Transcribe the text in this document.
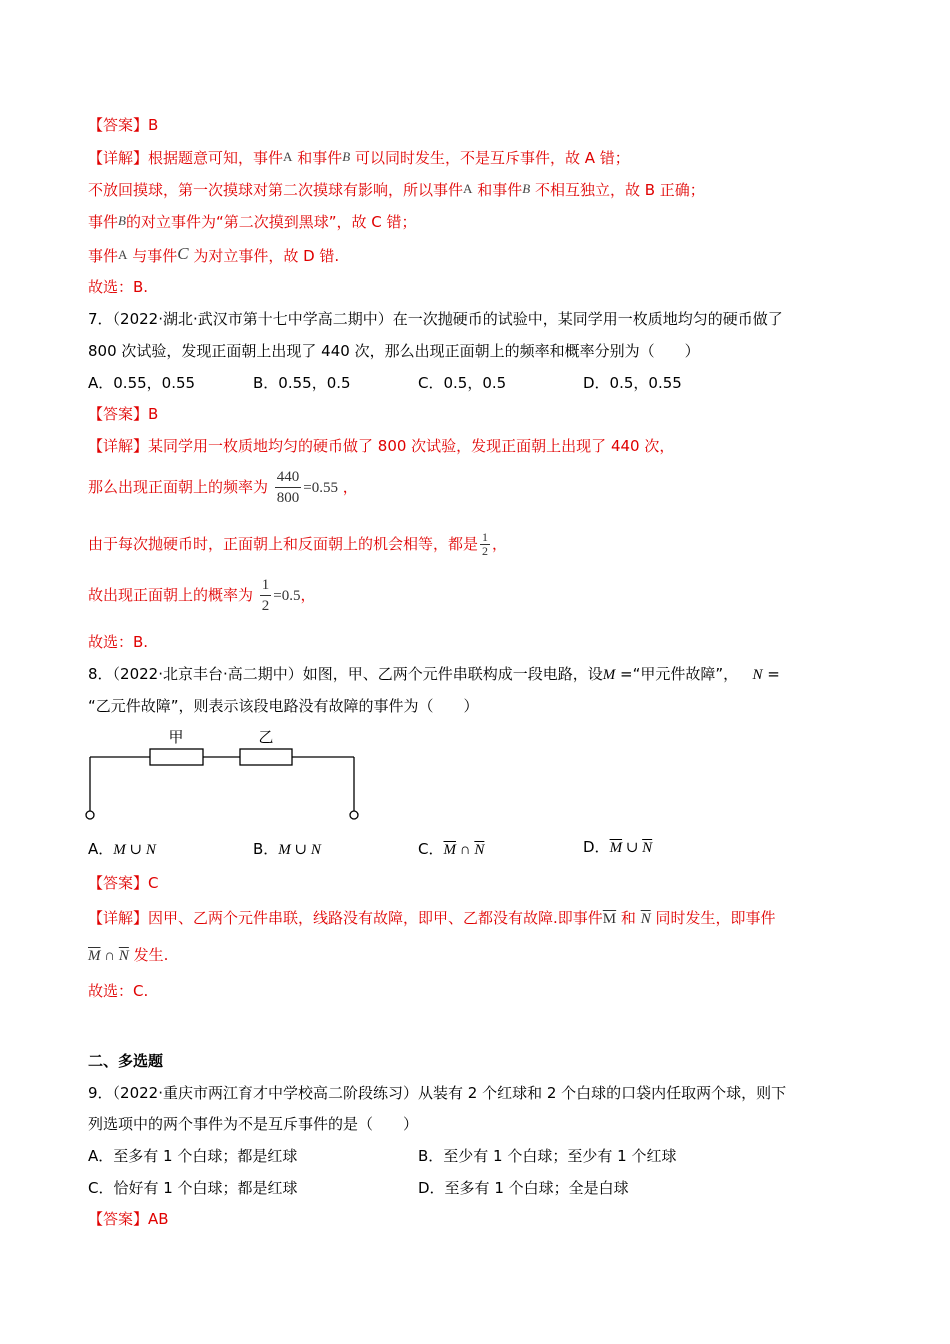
【答案】B
【详解】根据题意可知，事件A 和事件B 可以同时发生，不是互斥事件，故 A 错；
不放回摸球，第一次摸球对第二次摸球有影响，所以事件A 和事件B 不相互独立，故 B 正确；
事件B的对立事件为“第二次摸到黑球”，故 C 错；
事件A 与事件C 为对立事件，故 D 错.
故选：B.
7．（2022·湖北·武汉市第十七中学高二期中）在一次抛硬币的试验中，某同学用一枚质地均匀的硬币做了
800 次试验，发现正面朝上出现了 440 次，那么出现正面朝上的频率和概率分别为（　　）
A．0.55，0.55	B．0.55，0.5	C．0.5，0.5	D．0.5，0.55
【答案】B
【详解】某同学用一枚质地均匀的硬币做了 800 次试验，发现正面朝上出现了 440 次，
那么出现正面朝上的频率为 $\frac{440}{800} =0.55$ ，
由于每次抛硬币时，正面朝上和反面朝上的机会相等，都是 $\frac{1}{2}$ ，
故出现正面朝上的概率为 $\frac{1}{2} =0.5$，
故选：B.
8．（2022·北京丰台·高二期中）如图，甲、乙两个元件串联构成一段电路，设M =“甲元件故障”， N =
“乙元件故障”，则表示该段电路没有故障的事件为（　　）
甲	乙
A．M ∪ N	B．M ∪ N	C．$\overline{M}$ ∩ $\overline{N}$	D．$\overline{M}$ ∪ $\overline{N}$
【答案】C
【详解】因甲、乙两个元件串联，线路没有故障，即甲、乙都没有故障.即事件$\overline{M}$ 和 $\overline{N}$ 同时发生，即事件
$\overline{M}$ ∩ $\overline{N}$ 发生.
故选：C.
二、多选题
9．（2022·重庆市两江育才中学校高二阶段练习）从装有 2 个红球和 2 个白球的口袋内任取两个球，则下
列选项中的两个事件为不是互斥事件的是（　　）
A．至多有 1 个白球；都是红球	B．至少有 1 个白球；至少有 1 个红球
C．恰好有 1 个白球；都是红球	D．至多有 1 个白球；全是白球
【答案】AB
